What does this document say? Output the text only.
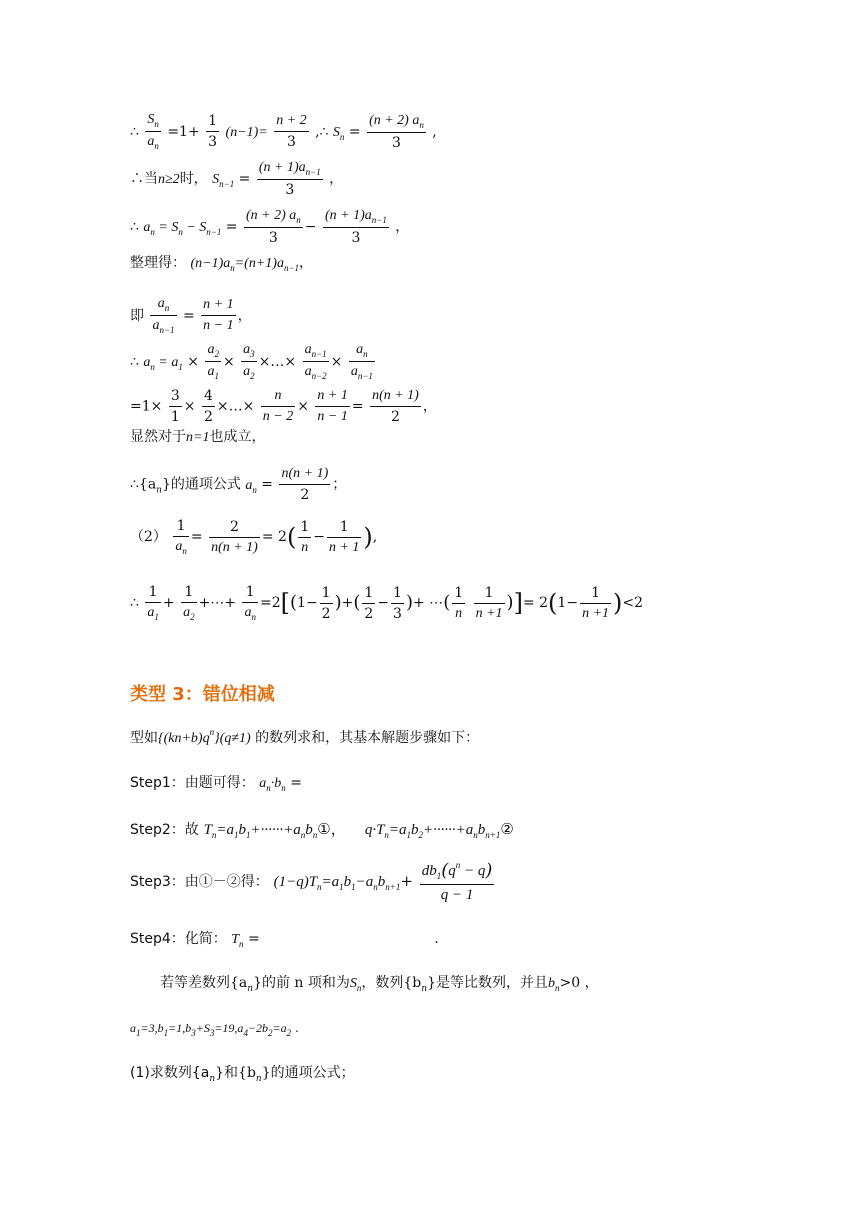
∴ $\frac{S_n}{a_n} =1+ \frac{1}{3} (n-1)= \frac{n + 2}{3}$ ,∴ $S_n = \frac{(n + 2) a_n}{3}$ ,
∴当n≥2时， $S_{n-1} = \frac{(n + 1)a_{n-1}}{3}$ ，
∴ $a_n = S_n - S_{n-1} = \frac{(n + 2) a_n}{3} - \frac{(n + 1)a_{n-1}}{3}$ ，
整理得： $(n-1)a_n=(n+1)a_{n-1}$，
即 $\frac{a_n}{a_{n-1}} = \frac{n + 1}{n - 1}$ ，
∴ $a_n = a_1 \times \frac{a_2}{a_1} \times \frac{a_3}{a_2}$ ×…× $\frac{a_{n-1}}{a_{n-2}} \times \frac{a_n}{a_{n-1}}$
$=1\times \frac{3}{1} \times \frac{4}{2}$ ×…× $\frac{n}{n - 2} \times \frac{n + 1}{n - 1} = \frac{n(n + 1)}{2}$ ，
显然对于n=1也成立，
$\therefore\{a_n\}$的通项公式 $a_n = \frac{n(n + 1)}{2}$ ；
$(2) \frac{1}{a_n} = \frac{2}{n(n + 1)} = 2( \frac{1}{n} - \frac{1}{n + 1}$ ),
∴ $\frac{1}{a_1} + \frac{1}{a_2}$ +⋯+ $\frac{1}{a_n} =2[(1- \frac{1}{2}$ )+( $\frac{1}{2} - \frac{1}{3}$ )+ ⋯( $\frac{1}{n}$
$\frac{1}{n +1}$ )]= $2(1- \frac{1}{n +1} )<2$
类型 3：错位相减
型如$\{(kn+b)q^n\}(q\ne 1)$ 的数列求和，其基本解题步骤如下：
Step1：由题可得： $a_n\cdot b_n$ =
Step2：故 $T_n=a_1b_1+\cdot\cdot\cdot\cdot\cdot\cdot+a_nb_n①$， $q\cdot T_n=a_1b_2+\cdot\cdot\cdot\cdot\cdot\cdot+a_nb_{n+1}②$
Step3：由①－②得： $(1-q)T_n=a_1b_1-a_nb_{n+1}+ \frac{db_1(q^n - q)}{q - 1}$
Step4：化简： $T_n$ =	.
若等差数列$\{a_n\}$的前 n 项和为$S_n$，数列$\{b_n\}$是等比数列，并且$b_n>0$ ，
$a_1=3,b_1=1,b_3+S_3=19,a_4-2b_2=a_2$ .
(1)求数列$\{a_n\}$和$\{b_n\}$的通项公式；
